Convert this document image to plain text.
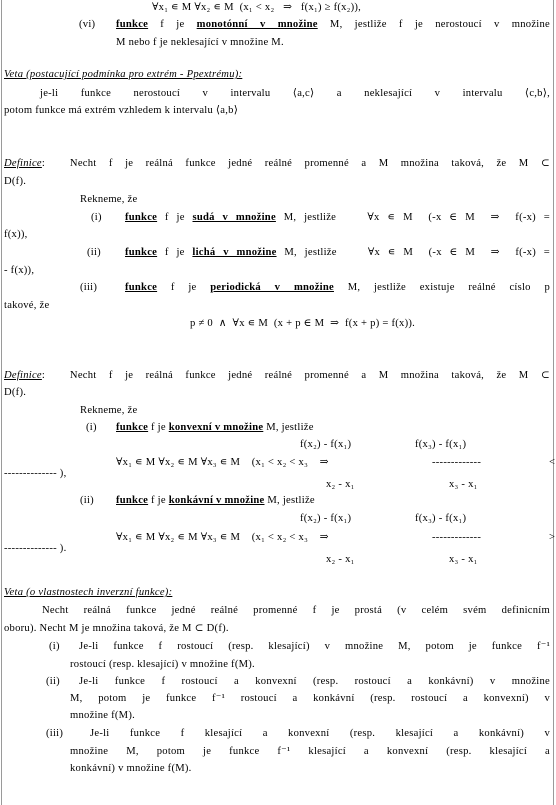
∀x₁ ∊ M ∀x₂ ∊ M  (x₁ < x₂   ⇒   f(x₁) ≥ f(x₂)),
(vi) funkce f je monotónní v množine M, jestliže f je nerostoucí v množine
M nebo f je neklesající v množine M.
Veta (postacující podmínka pro extrém - Ppextrému):
je-li funkce nerostoucí v intervalu ⟨a,c⟩ a neklesající v intervalu ⟨c,b⟩,
potom funkce má extrém vzhledem k intervalu ⟨a,b⟩
Definice:  Necht f je reálná funkce jedné reálné promenné a M množina taková, že M ⊂
D(f).
Rekneme, že
(i) funkce f je sudá v množine M, jestliže    ∀x ∊ M  (-x ∈ M  ⇒  f(-x) =
f(x)),
(ii) funkce f je lichá v množine M, jestliže    ∀x ∊ M  (-x ∈ M  ⇒  f(-x) =
- f(x)),
(iii)	funkce f je periodická v množine M, jestliže existuje reálné císlo p
takové, že
p ≠ 0  ∧  ∀x ∊ M  (x + p ∈ M  ⇒  f(x + p) = f(x)).
Definice:  Necht f je reálná funkce jedné reálné promenné a M množina taková, že M ⊂
D(f).
Rekneme, že
(i) funkce f je konvexní v množine M, jestliže
f(x₂) - f(x₁)	f(x₃) - f(x₁)
∀x₁ ∊ M ∀x₂ ∊ M ∀x₃ ∊ M    (x₁ < x₂ < x₃    ⇒	-------------	<
-------------- ),
x₂ - x₁	x₃ - x₁
(ii) funkce f je konkávní v množine M, jestliže
f(x₂) - f(x₁)	f(x₃) - f(x₁)
∀x₁ ∊ M ∀x₂ ∊ M ∀x₃ ∊ M    (x₁ < x₂ < x₃    ⇒	-------------	>
-------------- ).
x₂ - x₁	x₃ - x₁
Veta (o vlastnostech inverzní funkce):
Necht reálná funkce jedné reálné promenné f je prostá (v celém svém definicním
oboru). Necht M je množina taková, že M ⊂ D(f).
(i) Je-li funkce f rostoucí (resp. klesající) v množine M, potom je funkce f⁻¹
rostoucí (resp. klesající) v množine f(M).
(ii) Je-li funkce f rostoucí a konvexní (resp. rostoucí a konkávní) v množine
M, potom je funkce f⁻¹ rostoucí a konkávní (resp. rostoucí a konvexní) v
množine f(M).
(iii)	Je-li funkce f klesající a konvexní (resp. klesající a konkávní) v
množine M, potom je funkce f⁻¹ klesající a konvexní (resp. klesající a
konkávní) v množine f(M).
